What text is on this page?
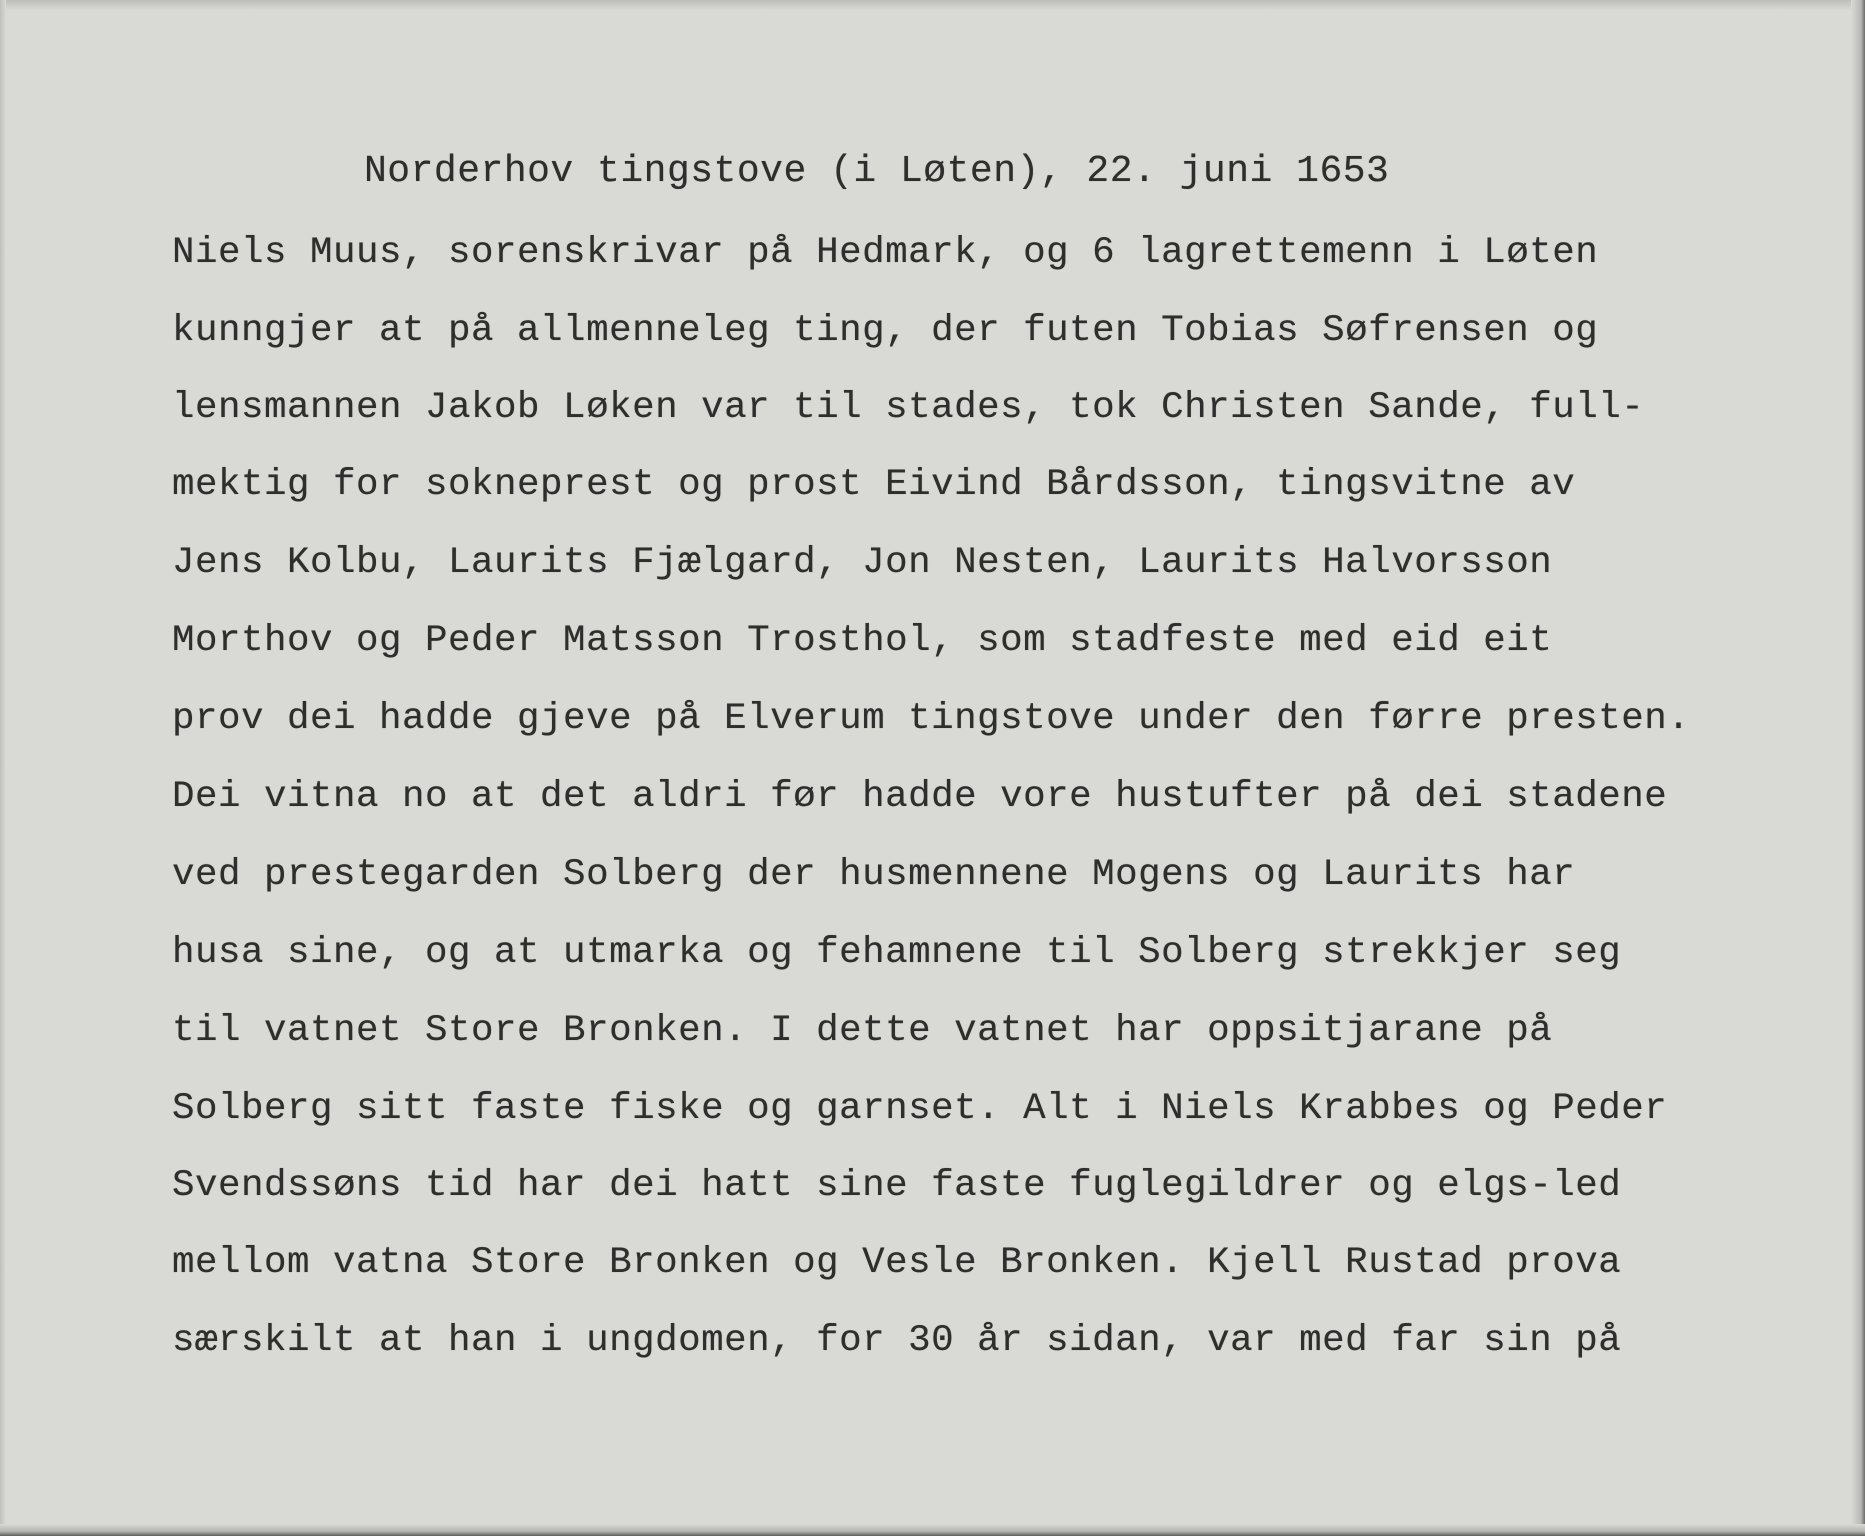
Norderhov tingstove (i Løten), 22. juni 1653

Niels Muus, sorenskrivar på Hedmark, og 6 lagrettemenn i Løten

kunngjer at på allmenneleg ting, der futen Tobias Søfrensen og

lensmannen Jakob Løken var til stades, tok Christen Sande, full-

mektig for sokneprest og prost Eivind Bårdsson, tingsvitne av

Jens Kolbu, Laurits Fjælgard, Jon Nesten, Laurits Halvorsson

Morthov og Peder Matsson Trosthol, som stadfeste med eid eit

prov dei hadde gjeve på Elverum tingstove under den førre presten.

Dei vitna no at det aldri før hadde vore hustufter på dei stadene

ved prestegarden Solberg der husmennene Mogens og Laurits har

husa sine, og at utmarka og fehamnene til Solberg strekkjer seg

til vatnet Store Bronken. I dette vatnet har oppsitjarane på

Solberg sitt faste fiske og garnset. Alt i Niels Krabbes og Peder

Svendssøns tid har dei hatt sine faste fuglegildrer og elgs-led

mellom vatna Store Bronken og Vesle Bronken. Kjell Rustad prova

særskilt at han i ungdomen, for 30 år sidan, var med far sin på
